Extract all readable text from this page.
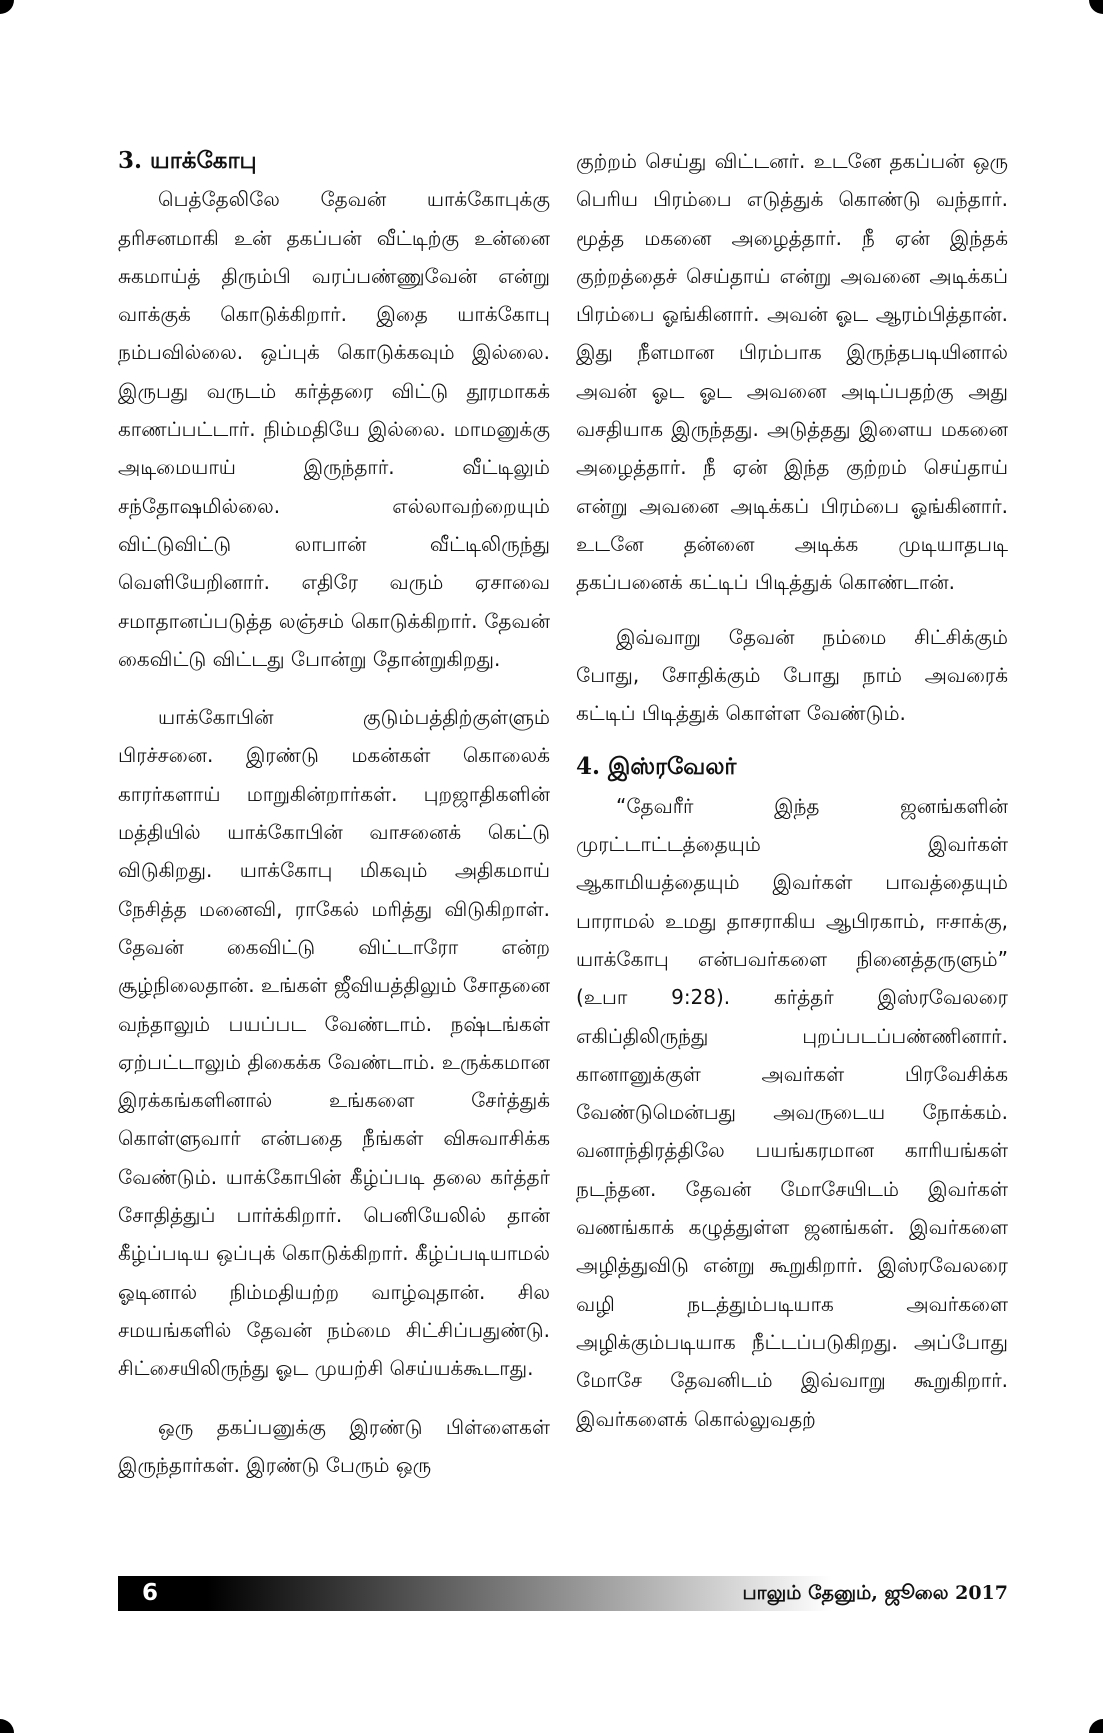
3. யாக்கோபு

பெத்தேலிலே தேவன் யாக்கோபுக்கு தரிசனமாகி உன் தகப்பன் வீட்டிற்கு உன்னை சுகமாய்த் திரும்பி வரப்பண்ணுவேன் என்று வாக்குக் கொடுக்கிறார். இதை யாக்கோபு நம்பவில்லை. ஒப்புக் கொடுக்கவும் இல்லை. இருபது வருடம் கர்த்தரை விட்டு தூரமாகக் காணப்பட்டார். நிம்மதியே இல்லை. மாமனுக்கு அடிமையாய் இருந்தார். வீட்டிலும் சந்தோஷமில்லை. எல்லாவற்றையும் விட்டுவிட்டு லாபான் வீட்டிலிருந்து வெளியேறினார். எதிரே வரும் ஏசாவை சமாதானப்படுத்த லஞ்சம் கொடுக்கிறார். தேவன் கைவிட்டு விட்டது போன்று தோன்றுகிறது.

யாக்கோபின் குடும்பத்திற்குள்ளும் பிரச்சனை. இரண்டு மகன்கள் கொலைக் காரர்களாய் மாறுகின்றார்கள். புறஜாதிகளின் மத்தியில் யாக்கோபின் வாசனைக் கெட்டு விடுகிறது. யாக்கோபு மிகவும் அதிகமாய் நேசித்த மனைவி, ராகேல் மரித்து விடுகிறாள். தேவன் கைவிட்டு விட்டாரோ என்ற சூழ்நிலைதான். உங்கள் ஜீவியத்திலும் சோதனை வந்தாலும் பயப்பட வேண்டாம். நஷ்டங்கள் ஏற்பட்டாலும் திகைக்க வேண்டாம். உருக்கமான இரக்கங்களினால் உங்களை சேர்த்துக் கொள்ளுவார் என்பதை நீங்கள் விசுவாசிக்க வேண்டும். யாக்கோபின் கீழ்ப்படி தலை கர்த்தர் சோதித்துப் பார்க்கிறார். பெனியேலில் தான் கீழ்ப்படிய ஒப்புக் கொடுக்கிறார். கீழ்ப்படியாமல் ஓடினால் நிம்மதியற்ற வாழ்வுதான். சில சமயங்களில் தேவன் நம்மை சிட்சிப்பதுண்டு. சிட்சையிலிருந்து ஓட முயற்சி செய்யக்கூடாது.

ஒரு தகப்பனுக்கு இரண்டு பிள்ளைகள் இருந்தார்கள். இரண்டு பேரும் ஒரு

குற்றம் செய்து விட்டனர். உடனே தகப்பன் ஒரு பெரிய பிரம்பை எடுத்துக் கொண்டு வந்தார். மூத்த மகனை அழைத்தார். நீ ஏன் இந்தக் குற்றத்தைச் செய்தாய் என்று அவனை அடிக்கப் பிரம்பை ஓங்கினார். அவன் ஓட ஆரம்பித்தான். இது நீளமான பிரம்பாக இருந்தபடியினால் அவன் ஓட ஓட அவனை அடிப்பதற்கு அது வசதியாக இருந்தது. அடுத்தது இளைய மகனை அழைத்தார். நீ ஏன் இந்த குற்றம் செய்தாய் என்று அவனை அடிக்கப் பிரம்பை ஓங்கினார். உடனே தன்னை அடிக்க முடியாதபடி தகப்பனைக் கட்டிப் பிடித்துக் கொண்டான்.

இவ்வாறு தேவன் நம்மை சிட்சிக்கும் போது, சோதிக்கும் போது நாம் அவரைக் கட்டிப் பிடித்துக் கொள்ள வேண்டும்.

4. இஸ்ரவேலர்

“தேவரீர் இந்த ஜனங்களின் முரட்டாட்டத்தையும் இவர்கள் ஆகாமியத்தையும் இவர்கள் பாவத்தையும் பாராமல் உமது தாசராகிய ஆபிரகாம், ஈசாக்கு, யாக்கோபு என்பவர்களை நினைத்தருளும்” (உபா 9:28). கர்த்தர் இஸ்ரவேலரை எகிப்திலிருந்து புறப்படப்பண்ணினார். கானானுக்குள் அவர்கள் பிரவேசிக்க வேண்டுமென்பது அவருடைய நோக்கம். வனாந்திரத்திலே பயங்கரமான காரியங்கள் நடந்தன. தேவன் மோசேயிடம் இவர்கள் வணங்காக் கழுத்துள்ள ஜனங்கள். இவர்களை அழித்துவிடு என்று கூறுகிறார். இஸ்ரவேலரை வழி நடத்தும்படியாக அவர்களை அழிக்கும்படியாக நீட்டப்படுகிறது. அப்போது மோசே தேவனிடம் இவ்வாறு கூறுகிறார். இவர்களைக் கொல்லுவதற்

6	பாலும் தேனும், ஜூலை 2017
